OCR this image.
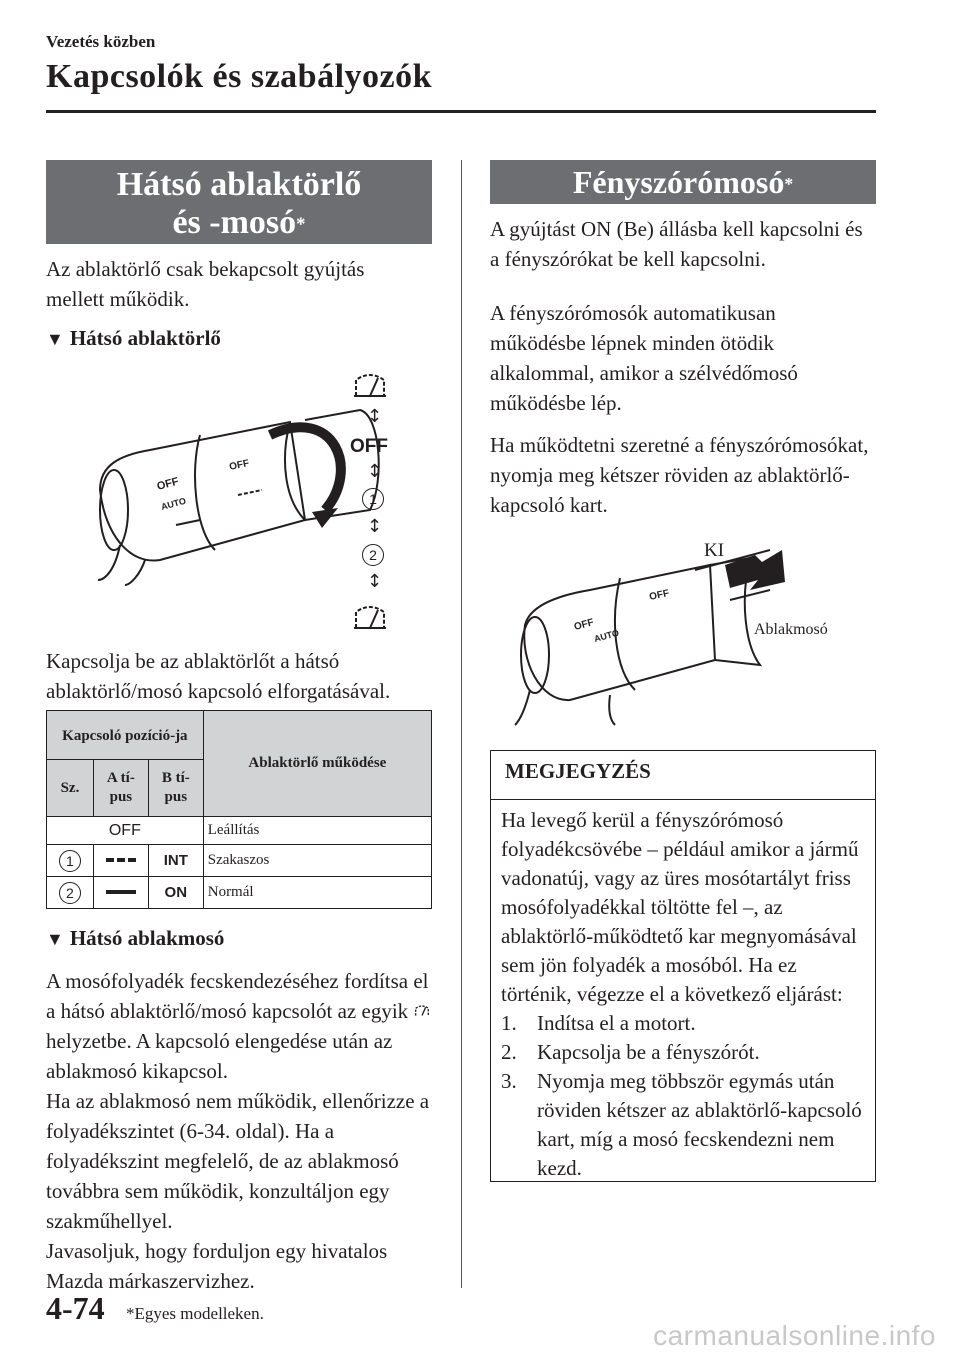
Vezetés közben
Kapcsolók és szabályozók
Hátsó ablaktörlő
és -mosó*
Az ablaktörlő csak bekapcsolt gyújtás mellett működik.
▼ Hátsó ablaktörlő
OFF
AUTO
OFF
↕
OFF
↕
1
↕
2
↕
Kapcsolja be az ablaktörlőt a hátsó ablaktörlő/mosó kapcsoló elforgatásával.
Kapcsoló pozíció-ja			Ablaktörlő működése
Sz.	A tí-pus	B tí-pus	
OFF			Leállítás
1		INT	Szakaszos
2		ON	Normál
▼ Hátsó ablakmosó
A mosófolyadék fecskendezéséhez fordítsa el a hátsó ablaktörlő/mosó kapcsolót az egyik  helyzetbe. A kapcsoló elengedése után az ablakmosó kikapcsol.
Ha az ablakmosó nem működik, ellenőrizze a folyadékszintet (6-34. oldal). Ha a folyadékszint megfelelő, de az ablakmosó továbbra sem működik, konzultáljon egy szakműhellyel.
Javasoljuk, hogy forduljon egy hivatalos Mazda márkaszervizhez.
Fényszórómosó*
A gyújtást ON (Be) állásba kell kapcsolni és a fényszórókat be kell kapcsolni.
A fényszórómosók automatikusan működésbe lépnek minden ötödik alkalommal, amikor a szélvédőmosó működésbe lép.
Ha működtetni szeretné a fényszórómosókat, nyomja meg kétszer röviden az ablaktörlő-kapcsoló kart.
OFF
AUTO
OFF
KI
Ablakmosó
MEGJEGYZÉS
Ha levegő kerül a fényszórómosó folyadékcsövébe – például amikor a jármű vadonatúj, vagy az üres mosótartályt friss mosófolyadékkal töltötte fel –, az ablaktörlő-működtető kar megnyomásával sem jön folyadék a mosóból. Ha ez történik, végezze el a következő eljárást:
1. Indítsa el a motort.
2. Kapcsolja be a fényszórót.
3. Nyomja meg többször egymás után röviden kétszer az ablaktörlő-kapcsoló kart, míg a mosó fecskendezni nem kezd.
4-74 *Egyes modelleken.
carmanualsonline.info
